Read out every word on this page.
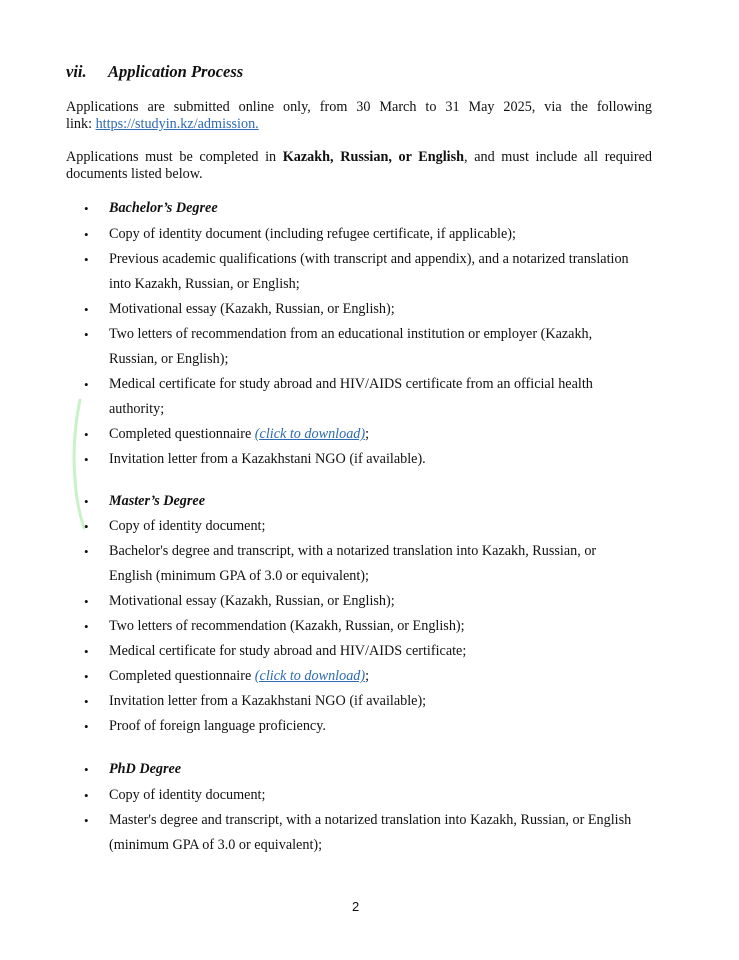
vii. Application Process
Applications are submitted online only, from 30 March to 31 May 2025, via the following
link: https://studyin.kz/admission.
Applications must be completed in Kazakh, Russian, or English, and must include all required
documents listed below.
•	Bachelor’s Degree
•	Copy of identity document (including refugee certificate, if applicable);
•	Previous academic qualifications (with transcript and appendix), and a notarized translation
into Kazakh, Russian, or English;
•	Motivational essay (Kazakh, Russian, or English);
•	Two letters of recommendation from an educational institution or employer (Kazakh,
Russian, or English);
•	Medical certificate for study abroad and HIV/AIDS certificate from an official health
authority;
•	Completed questionnaire (click to download);
•	Invitation letter from a Kazakhstani NGO (if available).
•	Master’s Degree
•	Copy of identity document;
•	Bachelor's degree and transcript, with a notarized translation into Kazakh, Russian, or
English (minimum GPA of 3.0 or equivalent);
•	Motivational essay (Kazakh, Russian, or English);
•	Two letters of recommendation (Kazakh, Russian, or English);
•	Medical certificate for study abroad and HIV/AIDS certificate;
•	Completed questionnaire (click to download);
•	Invitation letter from a Kazakhstani NGO (if available);
•	Proof of foreign language proficiency.
•	PhD Degree
•	Copy of identity document;
•	Master's degree and transcript, with a notarized translation into Kazakh, Russian, or English
(minimum GPA of 3.0 or equivalent);
2
